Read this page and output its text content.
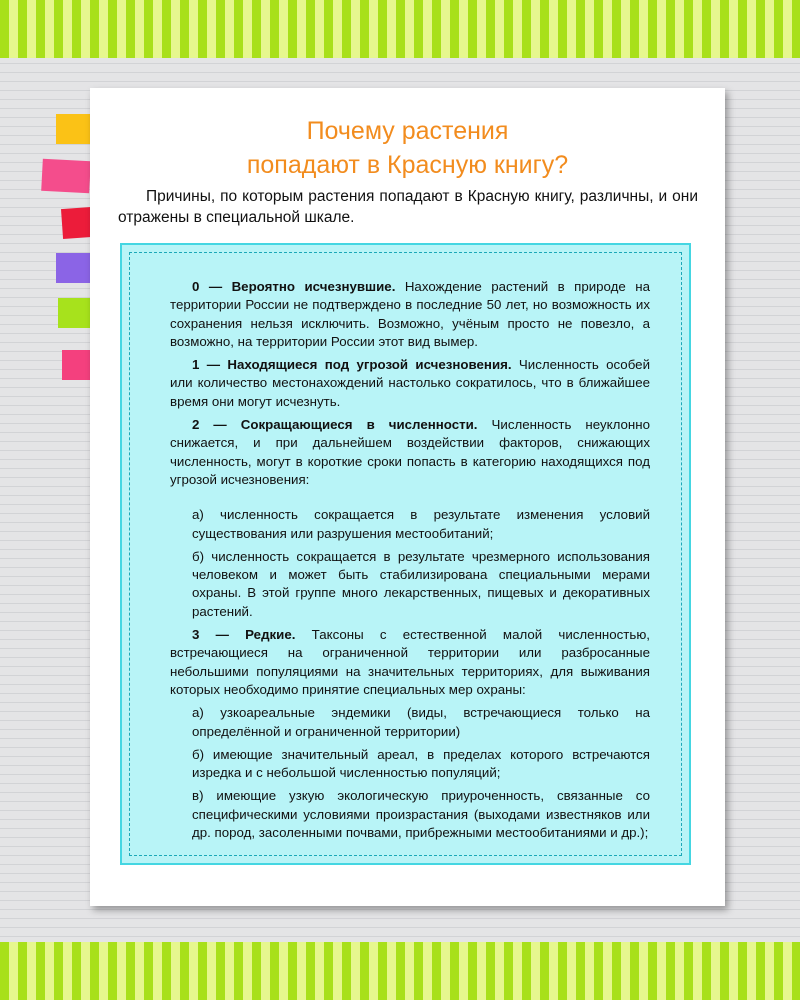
Почему растения
попадают в Красную книгу?
Причины, по которым растения попадают в Красную книгу, различны, и они отражены в специальной шкале.

0 — Вероятно исчезнувшие. Нахождение растений в природе на территории России не подтверждено в последние 50 лет, но возможность их сохранения нельзя исключить. Возможно, учёным просто не повезло, а возможно, на территории России этот вид вымер.

1 — Находящиеся под угрозой исчезновения. Численность особей или количество местонахождений настолько сократилось, что в ближайшее время они могут исчезнуть.

2 — Сокращающиеся в численности. Численность неуклонно снижается, и при дальнейшем воздействии факторов, снижающих численность, могут в короткие сроки попасть в категорию находящихся под угрозой исчезновения:

а) численность сокращается в результате изменения условий существования или разрушения местообитаний;

б) численность сокращается в результате чрезмерного использования человеком и может быть стабилизирована специальными мерами охраны. В этой группе много лекарственных, пищевых и декоративных растений.

3 — Редкие. Таксоны с естественной малой численностью, встречающиеся на ограниченной территории или разбросанные небольшими популяциями на значительных территориях, для выживания которых необходимо принятие специальных мер охраны:

а) узкоареальные эндемики (виды, встречающиеся только на определённой и ограниченной территории)

б) имеющие значительный ареал, в пределах которого встречаются изредка и с небольшой численностью популяций;

в) имеющие узкую экологическую приуроченность, связанные со специфическими условиями произрастания (выходами известняков или др. пород, засоленными почвами, прибрежными местообитаниями и др.);
